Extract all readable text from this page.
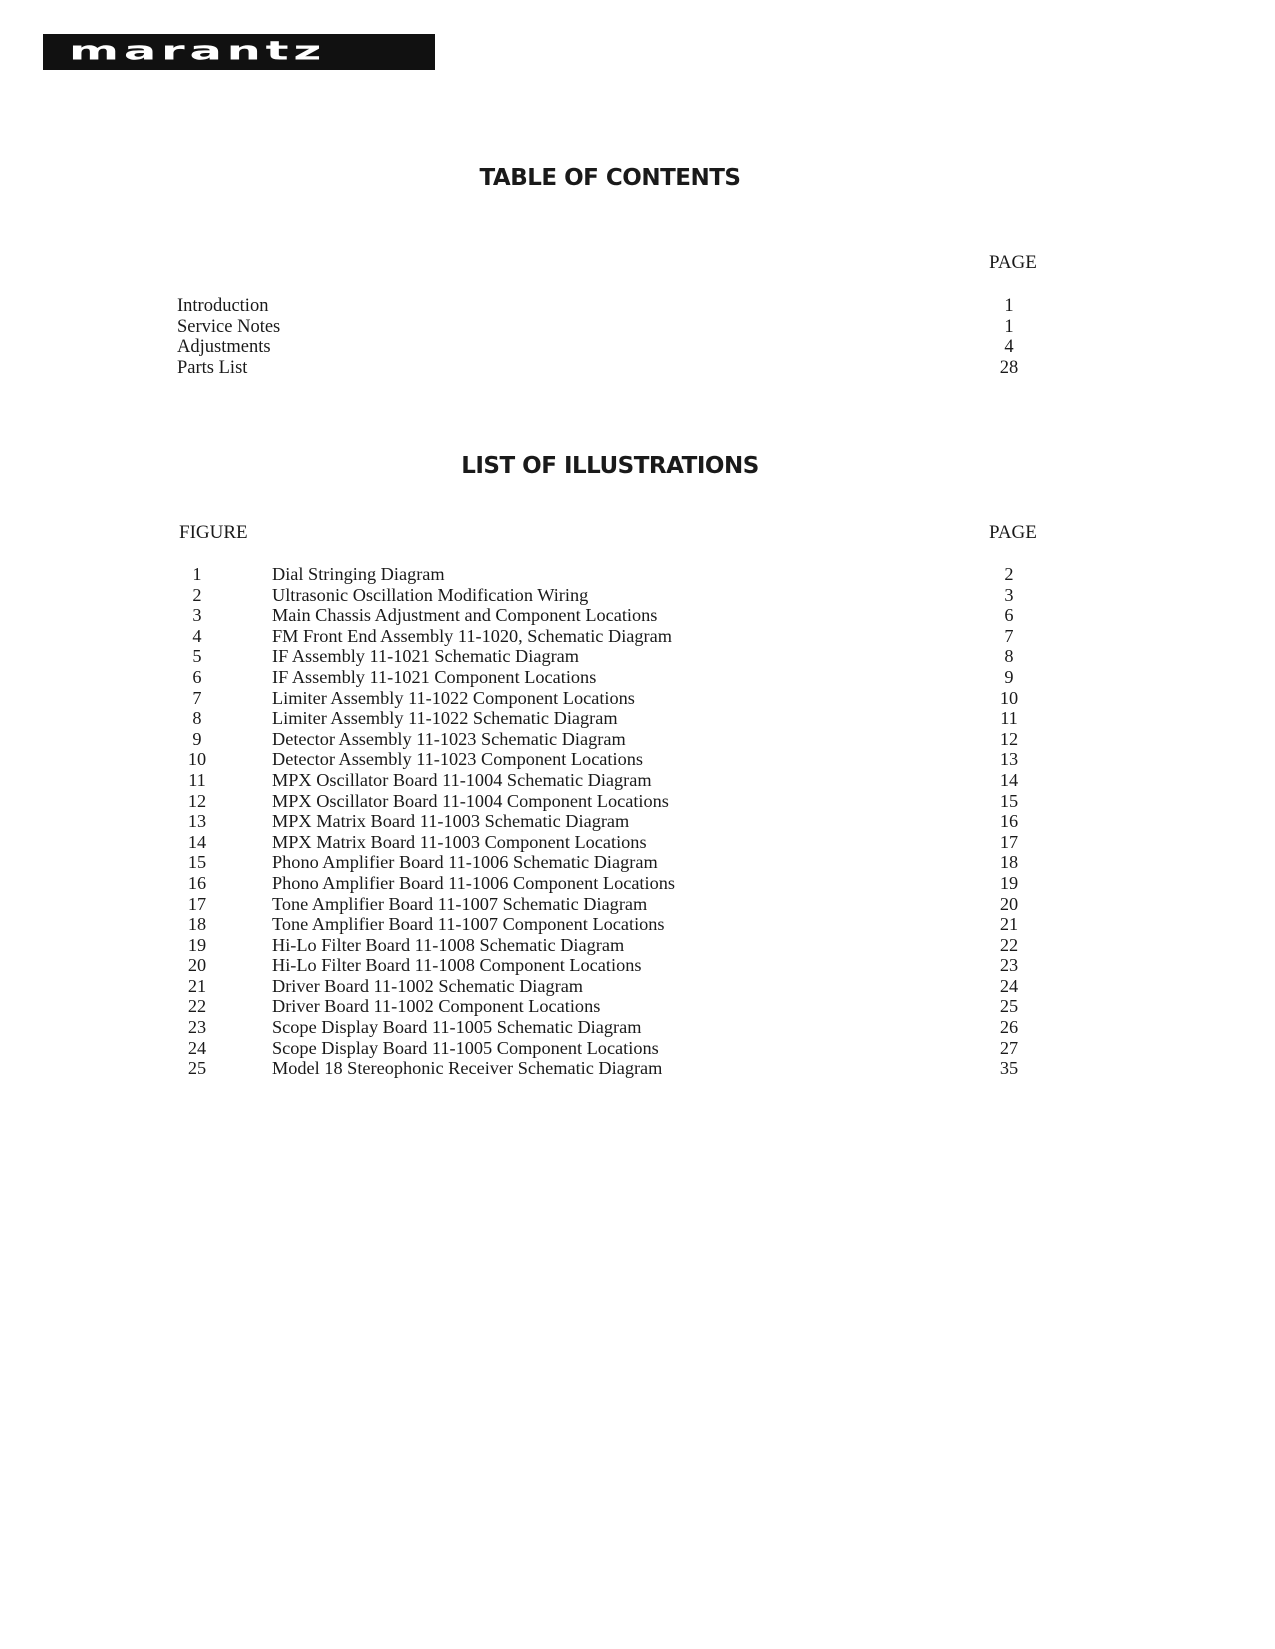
marantz
TABLE OF CONTENTS
PAGE
Introduction	1
Service Notes	1
Adjustments	4
Parts List	28
LIST OF ILLUSTRATIONS
FIGURE	PAGE
1	Dial Stringing Diagram	2
2	Ultrasonic Oscillation Modification Wiring	3
3	Main Chassis Adjustment and Component Locations	6
4	FM Front End Assembly 11-1020, Schematic Diagram	7
5	IF Assembly 11-1021 Schematic Diagram	8
6	IF Assembly 11-1021 Component Locations	9
7	Limiter Assembly 11-1022 Component Locations	10
8	Limiter Assembly 11-1022 Schematic Diagram	11
9	Detector Assembly 11-1023 Schematic Diagram	12
10	Detector Assembly 11-1023 Component Locations	13
11	MPX Oscillator Board 11-1004 Schematic Diagram	14
12	MPX Oscillator Board 11-1004 Component Locations	15
13	MPX Matrix Board 11-1003 Schematic Diagram	16
14	MPX Matrix Board 11-1003 Component Locations	17
15	Phono Amplifier Board 11-1006 Schematic Diagram	18
16	Phono Amplifier Board 11-1006 Component Locations	19
17	Tone Amplifier Board 11-1007 Schematic Diagram	20
18	Tone Amplifier Board 11-1007 Component Locations	21
19	Hi-Lo Filter Board 11-1008 Schematic Diagram	22
20	Hi-Lo Filter Board 11-1008 Component Locations	23
21	Driver Board 11-1002 Schematic Diagram	24
22	Driver Board 11-1002 Component Locations	25
23	Scope Display Board 11-1005 Schematic Diagram	26
24	Scope Display Board 11-1005 Component Locations	27
25	Model 18 Stereophonic Receiver Schematic Diagram	35
